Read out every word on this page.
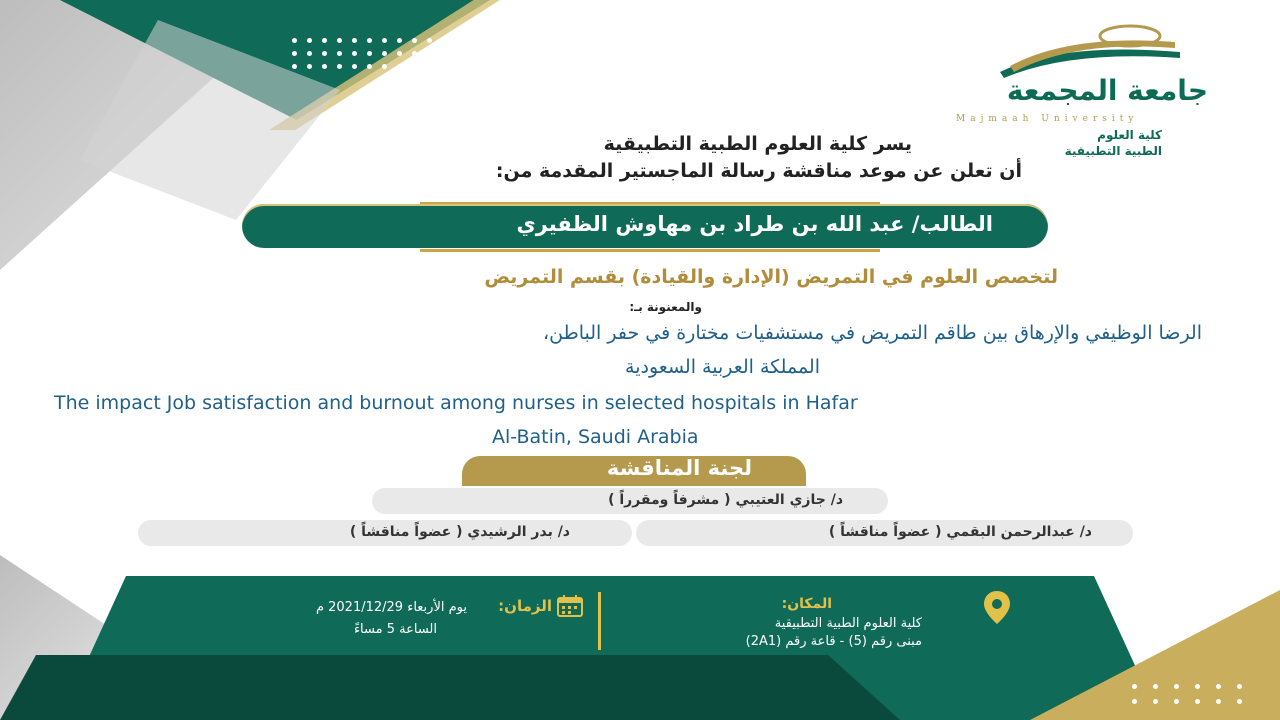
جامعة المجمعة
Majmaah University
كلية العلوم
الطبية التطبيقية
يسر كلية العلوم الطبية التطبيقية
أن تعلن عن موعد مناقشة رسالة الماجستير المقدمة من:
الطالب/ عبد الله بن طراد بن مهاوش الظفيري
لتخصص العلوم في التمريض (الإدارة والقيادة) بقسم التمريض
والمعنونة بـ:
الرضا الوظيفي والإرهاق بين طاقم التمريض في مستشفيات مختارة في حفر الباطن،
المملكة العربية السعودية
The impact Job satisfaction and burnout among nurses in selected hospitals in Hafar
Al-Batin, Saudi Arabia
لجنة المناقشة
د/ جازي العتيبي ( مشرفاً ومقرراً )
د/ عبدالرحمن البقمي ( عضواً مناقشاً )
د/ بدر الرشيدي ( عضواً مناقشاً )
المكان:
كلية العلوم الطبية التطبيقية
مبنى رقم (5) - قاعة رقم (2A1)
الزمان:
يوم الأربعاء 2021/12/29 م
الساعة 5 مساءً
